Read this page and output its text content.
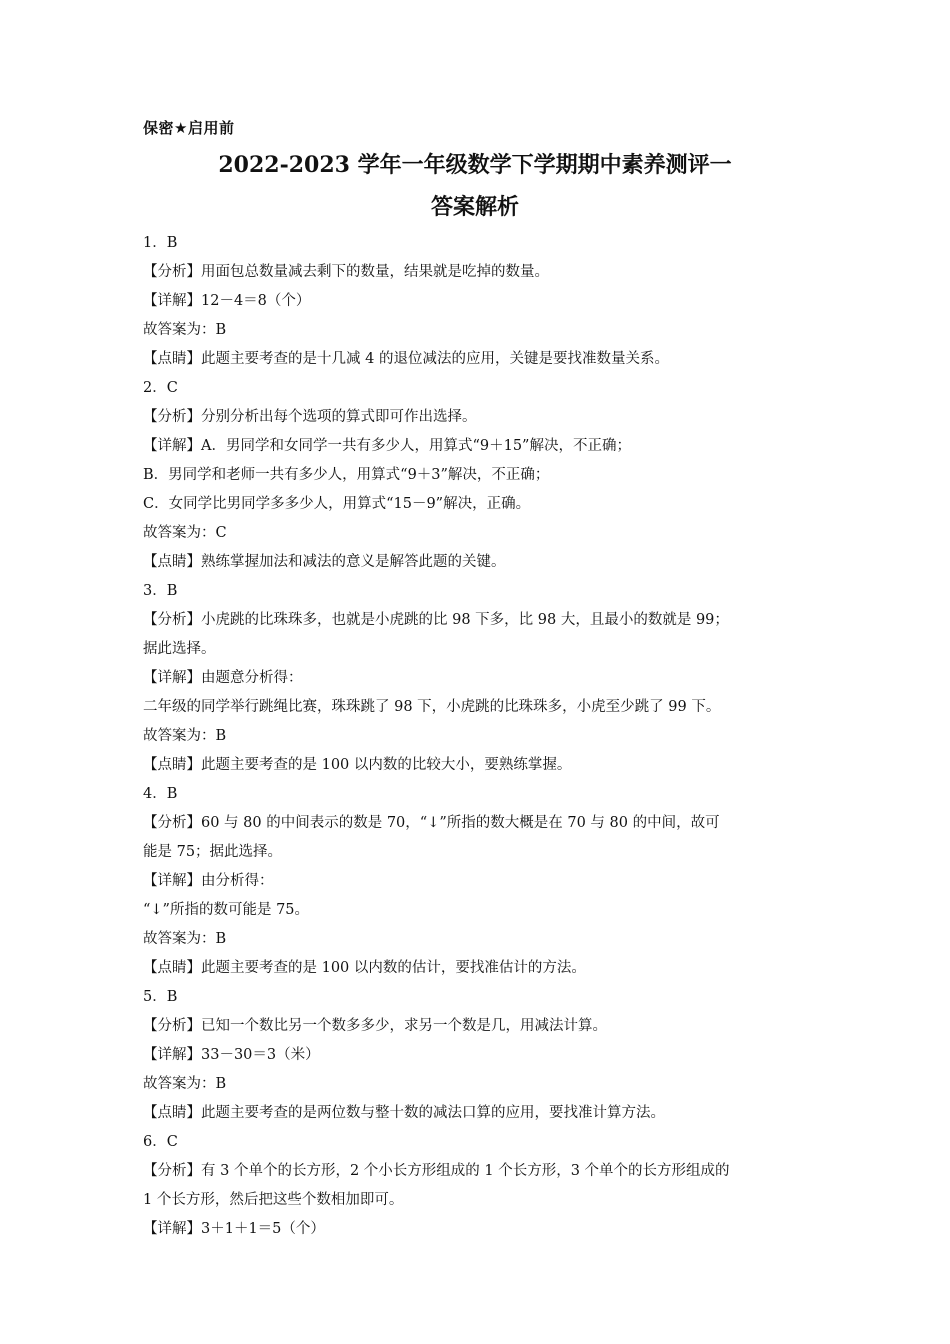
保密★启用前
2022-2023 学年一年级数学下学期期中素养测评一
答案解析
1．B
【分析】用面包总数量减去剩下的数量，结果就是吃掉的数量。
【详解】12－4＝8（个）
故答案为：B
【点睛】此题主要考查的是十几减 4 的退位减法的应用，关键是要找准数量关系。
2．C
【分析】分别分析出每个选项的算式即可作出选择。
【详解】A．男同学和女同学一共有多少人，用算式“9＋15”解决，不正确；
B．男同学和老师一共有多少人，用算式“9＋3”解决，不正确；
C．女同学比男同学多多少人，用算式“15－9”解决，正确。
故答案为：C
【点睛】熟练掌握加法和减法的意义是解答此题的关键。
3．B
【分析】小虎跳的比珠珠多，也就是小虎跳的比 98 下多，比 98 大，且最小的数就是 99；
据此选择。
【详解】由题意分析得：
二年级的同学举行跳绳比赛，珠珠跳了 98 下，小虎跳的比珠珠多，小虎至少跳了 99 下。
故答案为：B
【点睛】此题主要考查的是 100 以内数的比较大小，要熟练掌握。
4．B
【分析】60 与 80 的中间表示的数是 70，“↓”所指的数大概是在 70 与 80 的中间，故可
能是 75；据此选择。
【详解】由分析得：
“↓”所指的数可能是 75。
故答案为：B
【点睛】此题主要考查的是 100 以内数的估计，要找准估计的方法。
5．B
【分析】已知一个数比另一个数多多少，求另一个数是几，用减法计算。
【详解】33－30＝3（米）
故答案为：B
【点睛】此题主要考查的是两位数与整十数的减法口算的应用，要找准计算方法。
6．C
【分析】有 3 个单个的长方形，2 个小长方形组成的 1 个长方形，3 个单个的长方形组成的
1 个长方形，然后把这些个数相加即可。
【详解】3＋1＋1＝5（个）
